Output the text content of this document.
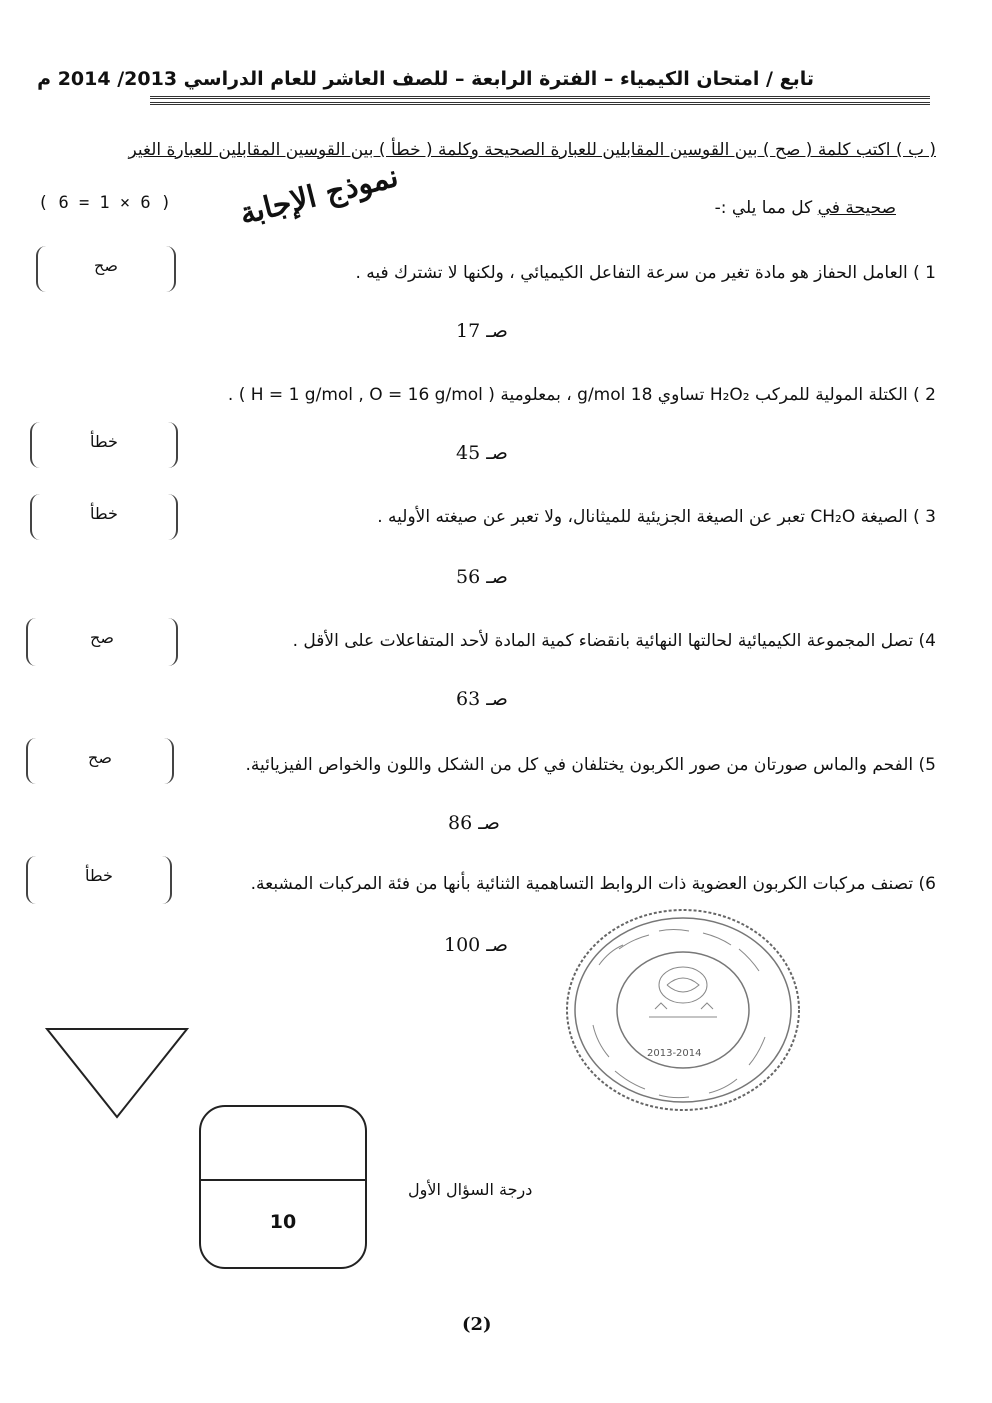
تابع / امتحان الكيمياء – الفترة الرابعة – للصف العاشر للعام الدراسي 2013/ 2014 م
( ب ) اكتب كلمة ( صح ) بين القوسين المقابلين للعبارة الصحيحة وكلمة ( خطأ ) بين القوسين المقابلين للعبارة الغير
صحيحة في كل مما يلي :-
( 6 = 1 × 6 ) نموذج الإجابة
1 ) العامل الحفاز هو مادة تغير من سرعة التفاعل الكيميائي ، ولكنها لا تشترك فيه .
صح
صـ 17
2 ) الكتلة المولية للمركب H₂O₂ تساوي 18 g/mol ، بمعلومية ( H = 1 g/mol , O = 16 g/mol ) .
خطأ
صـ 45
3 ) الصيغة CH₂O تعبر عن الصيغة الجزيئية للميثانال، ولا تعبر عن صيغته الأوليه .
خطأ
صـ 56
4) تصل المجموعة الكيميائية لحالتها النهائية بانقضاء كمية المادة لأحد المتفاعلات على الأقل .
صح
صـ 63
5) الفحم والماس صورتان من صور الكربون يختلفان في كل من الشكل واللون والخواص الفيزيائية.
صح
صـ 86
6) تصنف مركبات الكربون العضوية ذات الروابط التساهمية الثنائية بأنها من فئة المركبات المشبعة.
خطأ
صـ 100
2013-2014
10
درجة السؤال الأول
(2)
